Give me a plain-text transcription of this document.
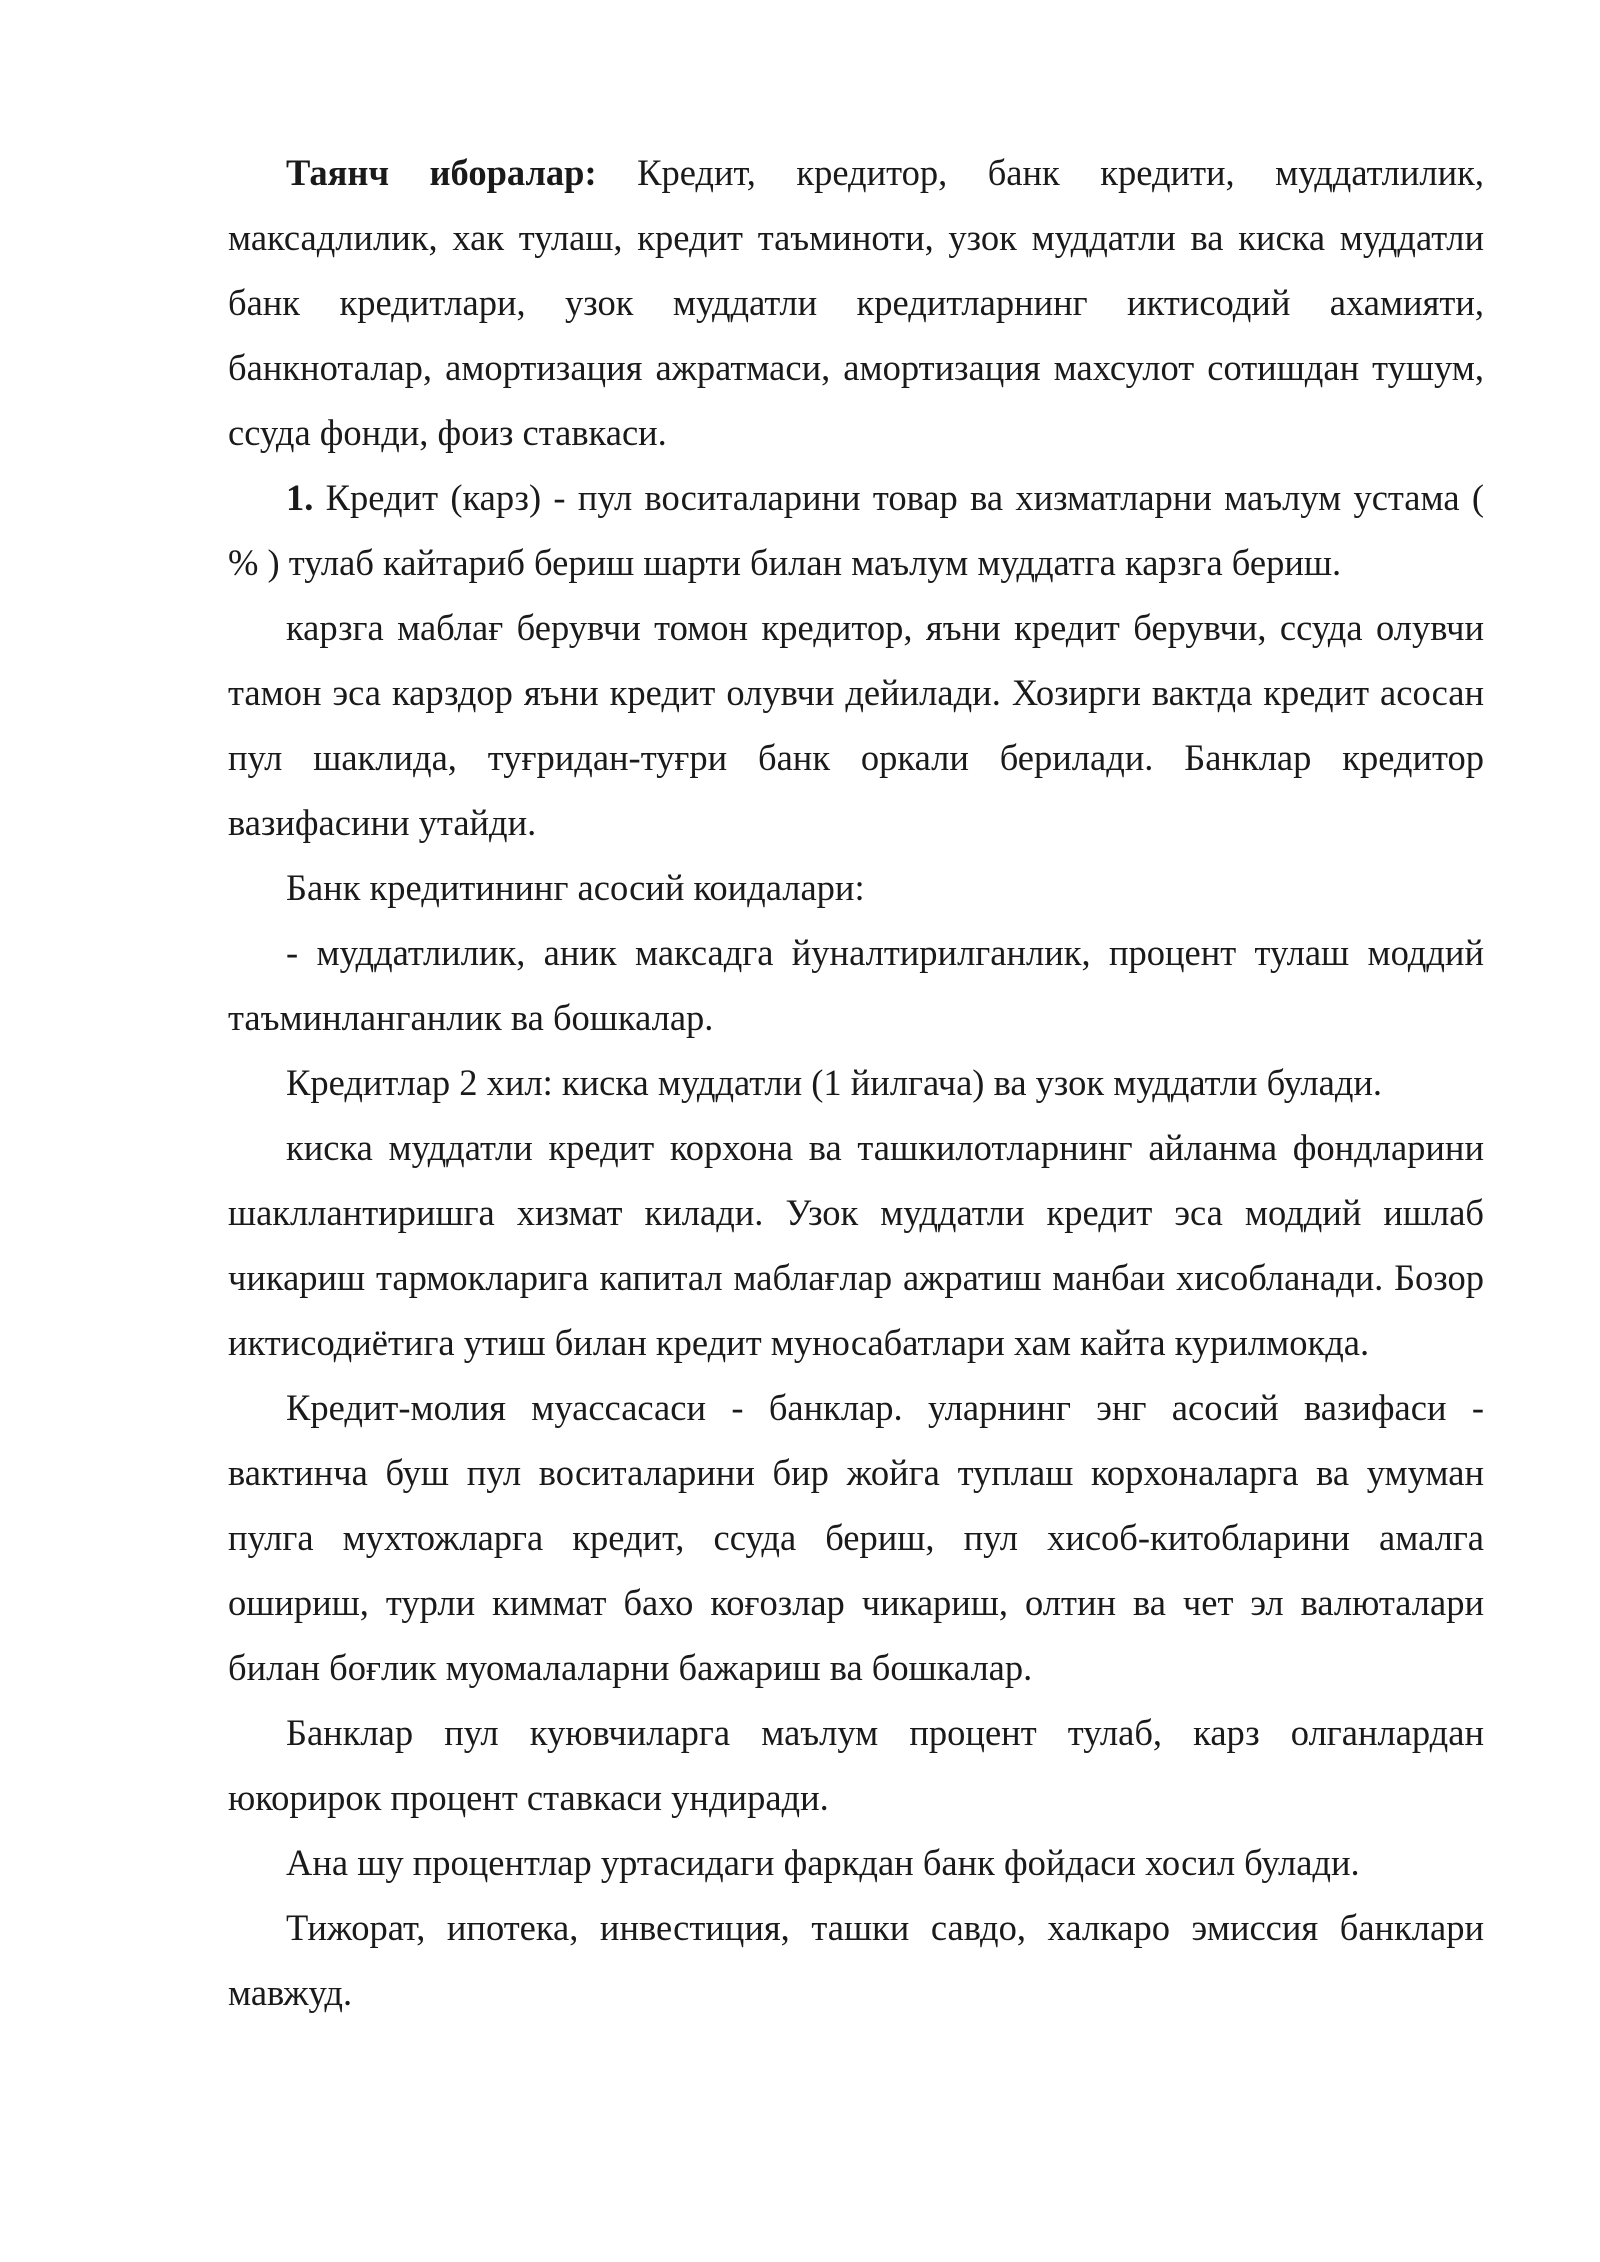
Таянч иборалар: Кредит, кредитор, банк кредити, муддатлилик, максадлилик, хак тулаш, кредит таъминоти, узок муддатли ва киска муддатли банк кредитлари, узок муддатли кредитларнинг иктисодий ахамияти, банкноталар, амортизация ажратмаси, амортизация махсулот сотишдан тушум, ссуда фонди, фоиз ставкаси.

1. Кредит (карз) - пул воситаларини товар ва хизматларни маълум устама ( % ) тулаб кайтариб бериш шарти билан маълум муддатга карзга бериш.

карзга маблағ берувчи томон кредитор, яъни кредит берувчи, ссуда олувчи тамон эса карздор яъни кредит олувчи дейилади. Хозирги вактда кредит асосан пул шаклида, туғридан-туғри банк оркали берилади. Банклар кредитор вазифасини утайди.

Банк кредитининг асосий коидалари:

- муддатлилик, аник максадга йуналтирилганлик, процент тулаш моддий таъминланганлик ва бошкалар.

Кредитлар 2 хил: киска муддатли (1 йилгача) ва узок муддатли булади.

киска муддатли кредит корхона ва ташкилотларнинг айланма фондларини шакллантиришга хизмат килади. Узок муддатли кредит эса моддий ишлаб чикариш тармокларига капитал маблағлар ажратиш манбаи хисобланади. Бозор иктисодиётига утиш билан кредит муносабатлари хам кайта курилмокда.

Кредит-молия муассасаси - банклар. уларнинг энг асосий вазифаси - вактинча буш пул воситаларини бир жойга туплаш корхоналарга ва умуман пулга мухтожларга кредит, ссуда бериш, пул хисоб-китобларини амалга ошириш, турли киммат бахо коғозлар чикариш, олтин ва чет эл валюталари билан боғлик муомалаларни бажариш ва бошкалар.

Банклар пул куювчиларга маълум процент тулаб, карз олганлардан юкорирок процент ставкаси ундиради.

Ана шу процентлар уртасидаги фаркдан банк фойдаси хосил булади.

Тижорат, ипотека, инвестиция, ташки савдо, халкаро эмиссия банклари мавжуд.
